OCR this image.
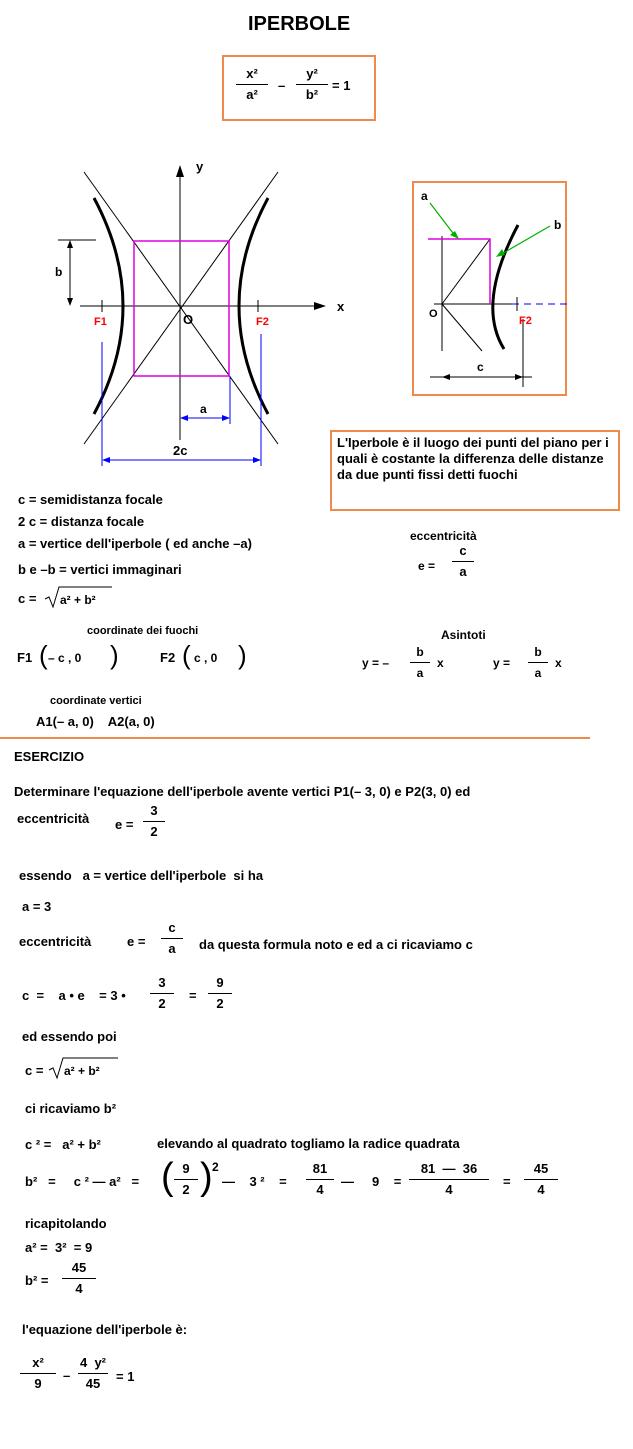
IPERBOLE
x²
a²
–
y²
b²
= 1
y
x
O
F1	F2
b
a
2c
a
b
O
F2
c
L'Iperbole è il luogo dei punti del piano per i quali è costante la differenza delle distanze da due punti fissi detti fuochi
c = semidistanza focale
2 c = distanza focale
a = vertice dell'iperbole ( ed anche –a)
b e –b = vertici immaginari
c = a² + b²
eccentricità
e =
c
a
coordinate dei fuochi
F1 ( – c , 0 )	F2 ( c , 0 )
Asintoti
y = –
b
a
x	y =
b
a
x
coordinate vertici
A1(– a, 0)    A2(a, 0)
ESERCIZIO
Determinare l'equazione dell'iperbole avente vertici P1(– 3, 0) e P2(3, 0) ed
eccentricità e =
3
2
essendo   a = vertice dell'iperbole  si ha
a = 3
eccentricità	e =
c
a	da questa formula noto e ed a ci ricaviamo c
c  =    a • e    = 3 •
3
2
=
9
2
ed essendo poi
c = a² + b²
ci ricaviamo b²
c ² =   a² + b²	elevando al quadrato togliamo la radice quadrata
b²   =     c ² — a²   = ( 9
2 ) 2
—    3 ²    =
81
4
—     9    =
81  —  36
4
=
45
4
ricapitolando
a² =  3²  = 9
b² =
45
4
l'equazione dell'iperbole è:
x²
9
–
4  y²
45	= 1
